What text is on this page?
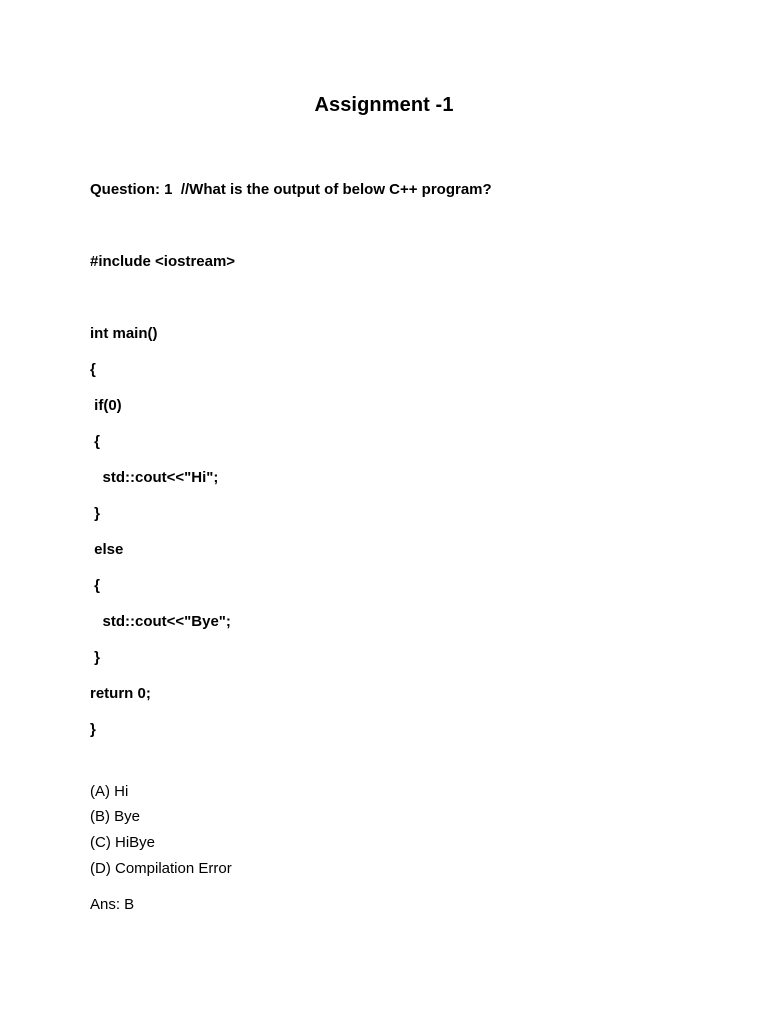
Assignment -1
Question: 1  //What is the output of below C++ program?
#include <iostream>
int main()
{
if(0)
{
std::cout<<"Hi";
}
else
{
std::cout<<"Bye";
}
return 0;
}
(A) Hi
(B) Bye
(C) HiBye
(D) Compilation Error
Ans: B
